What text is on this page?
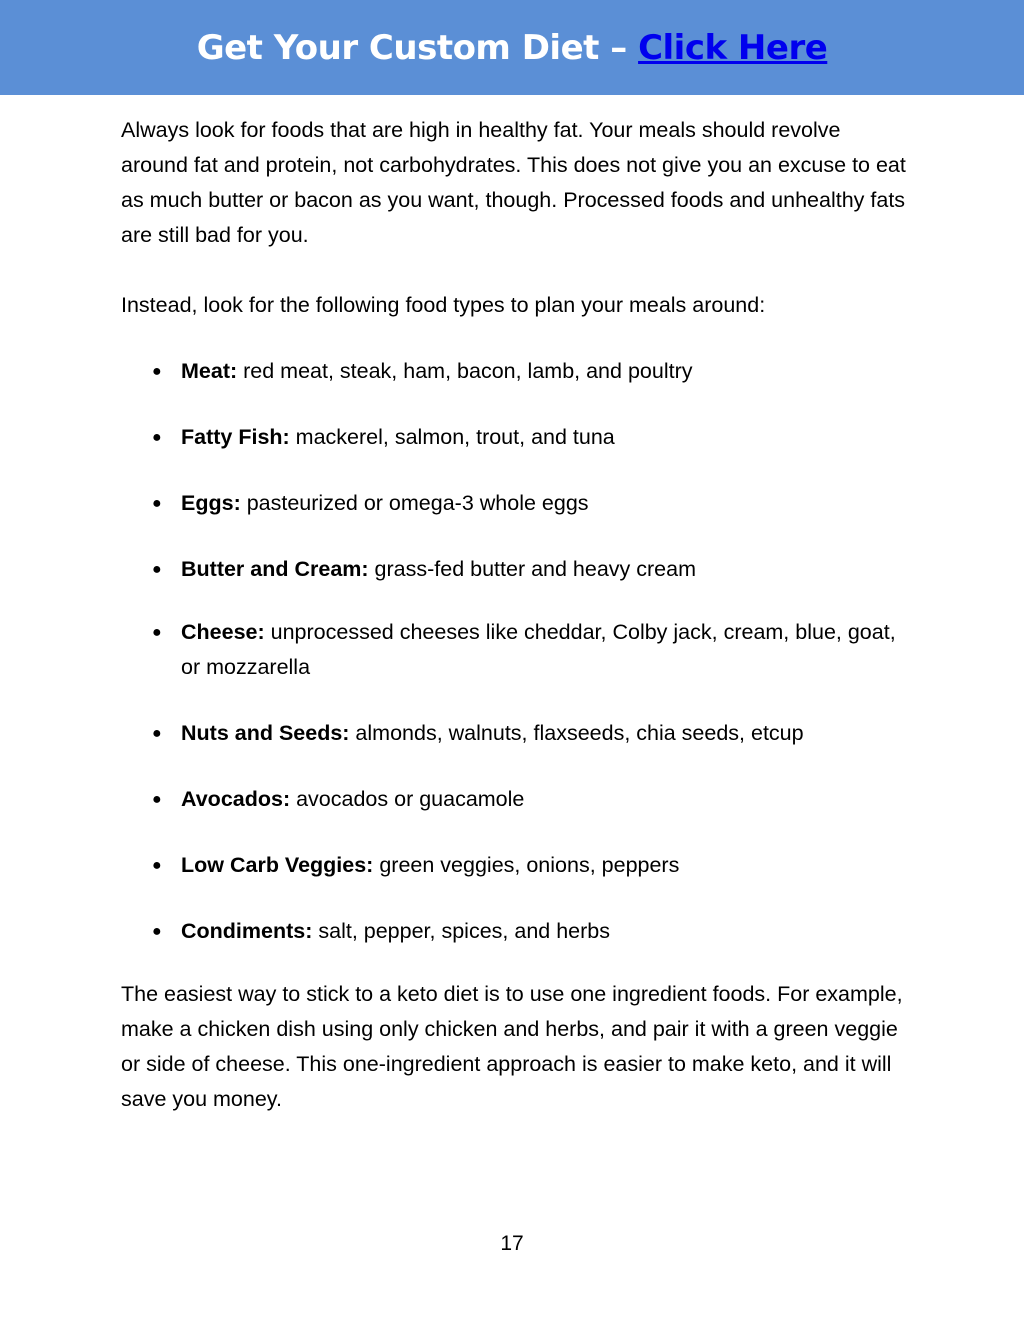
Get Your Custom Diet – Click Here

Always look for foods that are high in healthy fat. Your meals should revolve around fat and protein, not carbohydrates. This does not give you an excuse to eat as much butter or bacon as you want, though. Processed foods and unhealthy fats are still bad for you.

Instead, look for the following food types to plan your meals around:

● Meat: red meat, steak, ham, bacon, lamb, and poultry
● Fatty Fish: mackerel, salmon, trout, and tuna
● Eggs: pasteurized or omega-3 whole eggs
● Butter and Cream: grass-fed butter and heavy cream
● Cheese: unprocessed cheeses like cheddar, Colby jack, cream, blue, goat, or mozzarella
● Nuts and Seeds: almonds, walnuts, flaxseeds, chia seeds, etcup
● Avocados: avocados or guacamole
● Low Carb Veggies: green veggies, onions, peppers
● Condiments: salt, pepper, spices, and herbs

The easiest way to stick to a keto diet is to use one ingredient foods. For example, make a chicken dish using only chicken and herbs, and pair it with a green veggie or side of cheese. This one-ingredient approach is easier to make keto, and it will save you money.

17
